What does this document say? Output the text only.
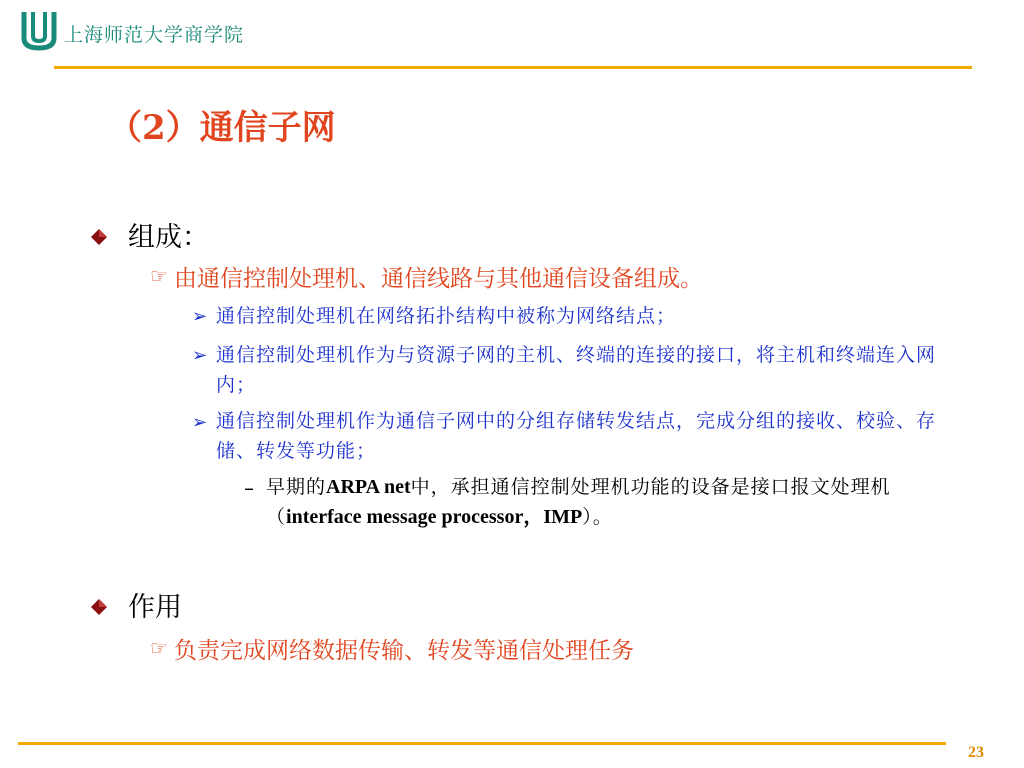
上海师范大学商学院
（2）通信子网
组成：
☞ 由通信控制处理机、通信线路与其他通信设备组成。
➢ 通信控制处理机在网络拓扑结构中被称为网络结点；
➢ 通信控制处理机作为与资源子网的主机、终端的连接的接口，将主机和终端连入网内；
➢ 通信控制处理机作为通信子网中的分组存储转发结点，完成分组的接收、校验、存储、转发等功能；
– 早期的ARPA net中，承担通信控制处理机功能的设备是接口报文处理机（interface message processor，IMP）。
作用
☞ 负责完成网络数据传输、转发等通信处理任务
23
